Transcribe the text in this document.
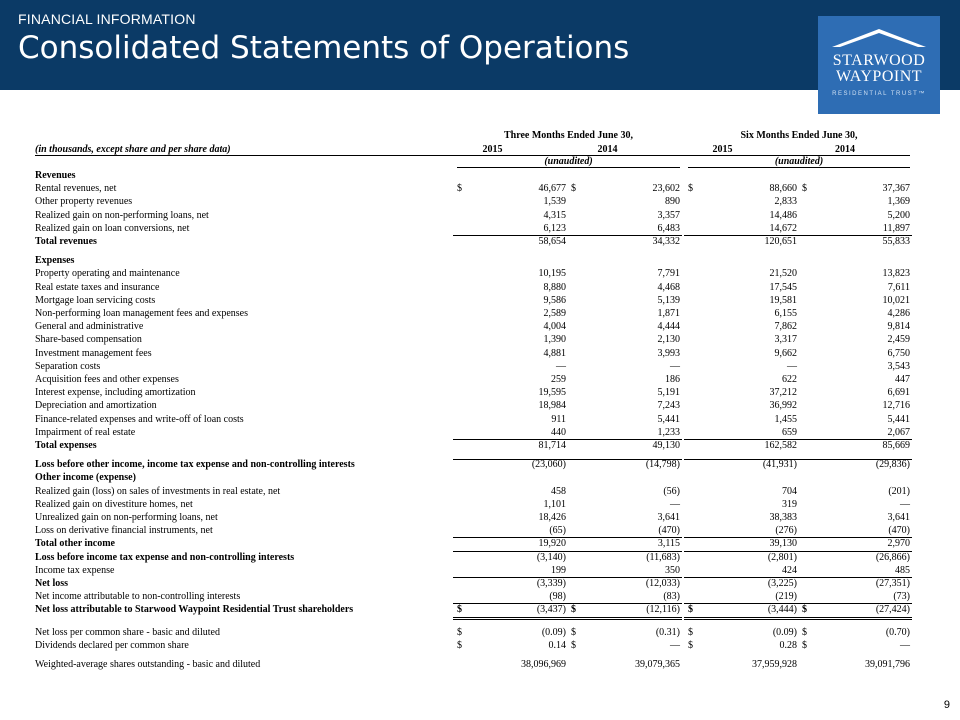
FINANCIAL INFORMATION
Consolidated Statements of Operations	STARWOOD
WAYPOINT
RESIDENTIAL TRUST™
Three Months Ended June 30,	Six Months Ended June 30,
(in thousands, except share and per share data)	2015	2014	2015	2014
(unaudited)	(unaudited)
Revenues
Rental revenues, net	$	46,677 $	23,602 $	88,660 $	37,367
Other property revenues	1,539	890	2,833	1,369
Realized gain on non-performing loans, net	4,315	3,357	14,486	5,200
Realized gain on loan conversions, net	6,123	6,483	14,672	11,897
Total revenues	58,654	34,332	120,651	55,833
Expenses
Property operating and maintenance	10,195	7,791	21,520	13,823
Real estate taxes and insurance	8,880	4,468	17,545	7,611
Mortgage loan servicing costs	9,586	5,139	19,581	10,021
Non-performing loan management fees and expenses	2,589	1,871	6,155	4,286
General and administrative	4,004	4,444	7,862	9,814
Share-based compensation	1,390	2,130	3,317	2,459
Investment management fees	4,881	3,993	9,662	6,750
Separation costs	—	—	—	3,543
Acquisition fees and other expenses	259	186	622	447
Interest expense, including amortization	19,595	5,191	37,212	6,691
Depreciation and amortization	18,984	7,243	36,992	12,716
Finance-related expenses and write-off of loan costs	911	5,441	1,455	5,441
Impairment of real estate	440	1,233	659	2,067
Total expenses	81,714	49,130	162,582	85,669
Loss before other income, income tax expense and non-controlling interests	(23,060)	(14,798)	(41,931)	(29,836)
Other income (expense)
Realized gain (loss) on sales of investments in real estate, net	458	(56)	704	(201)
Realized gain on divestiture homes, net	1,101	—	319	—
Unrealized gain on non-performing loans, net	18,426	3,641	38,383	3,641
Loss on derivative financial instruments, net	(65)	(470)	(276)	(470)
Total other income	19,920	3,115	39,130	2,970
Loss before income tax expense and non-controlling interests	(3,140)	(11,683)	(2,801)	(26,866)
Income tax expense	199	350	424	485
Net loss	(3,339)	(12,033)	(3,225)	(27,351)
Net income attributable to non-controlling interests	(98)	(83)	(219)	(73)
Net loss attributable to Starwood Waypoint Residential Trust shareholders	$	(3,437) $	(12,116) $	(3,444) $	(27,424)
Net loss per common share - basic and diluted	$	(0.09) $	(0.31) $	(0.09) $	(0.70)
Dividends declared per common share	$	0.14 $	— $	0.28 $	—
Weighted-average shares outstanding - basic and diluted	38,096,969	39,079,365	37,959,928	39,091,796
9
